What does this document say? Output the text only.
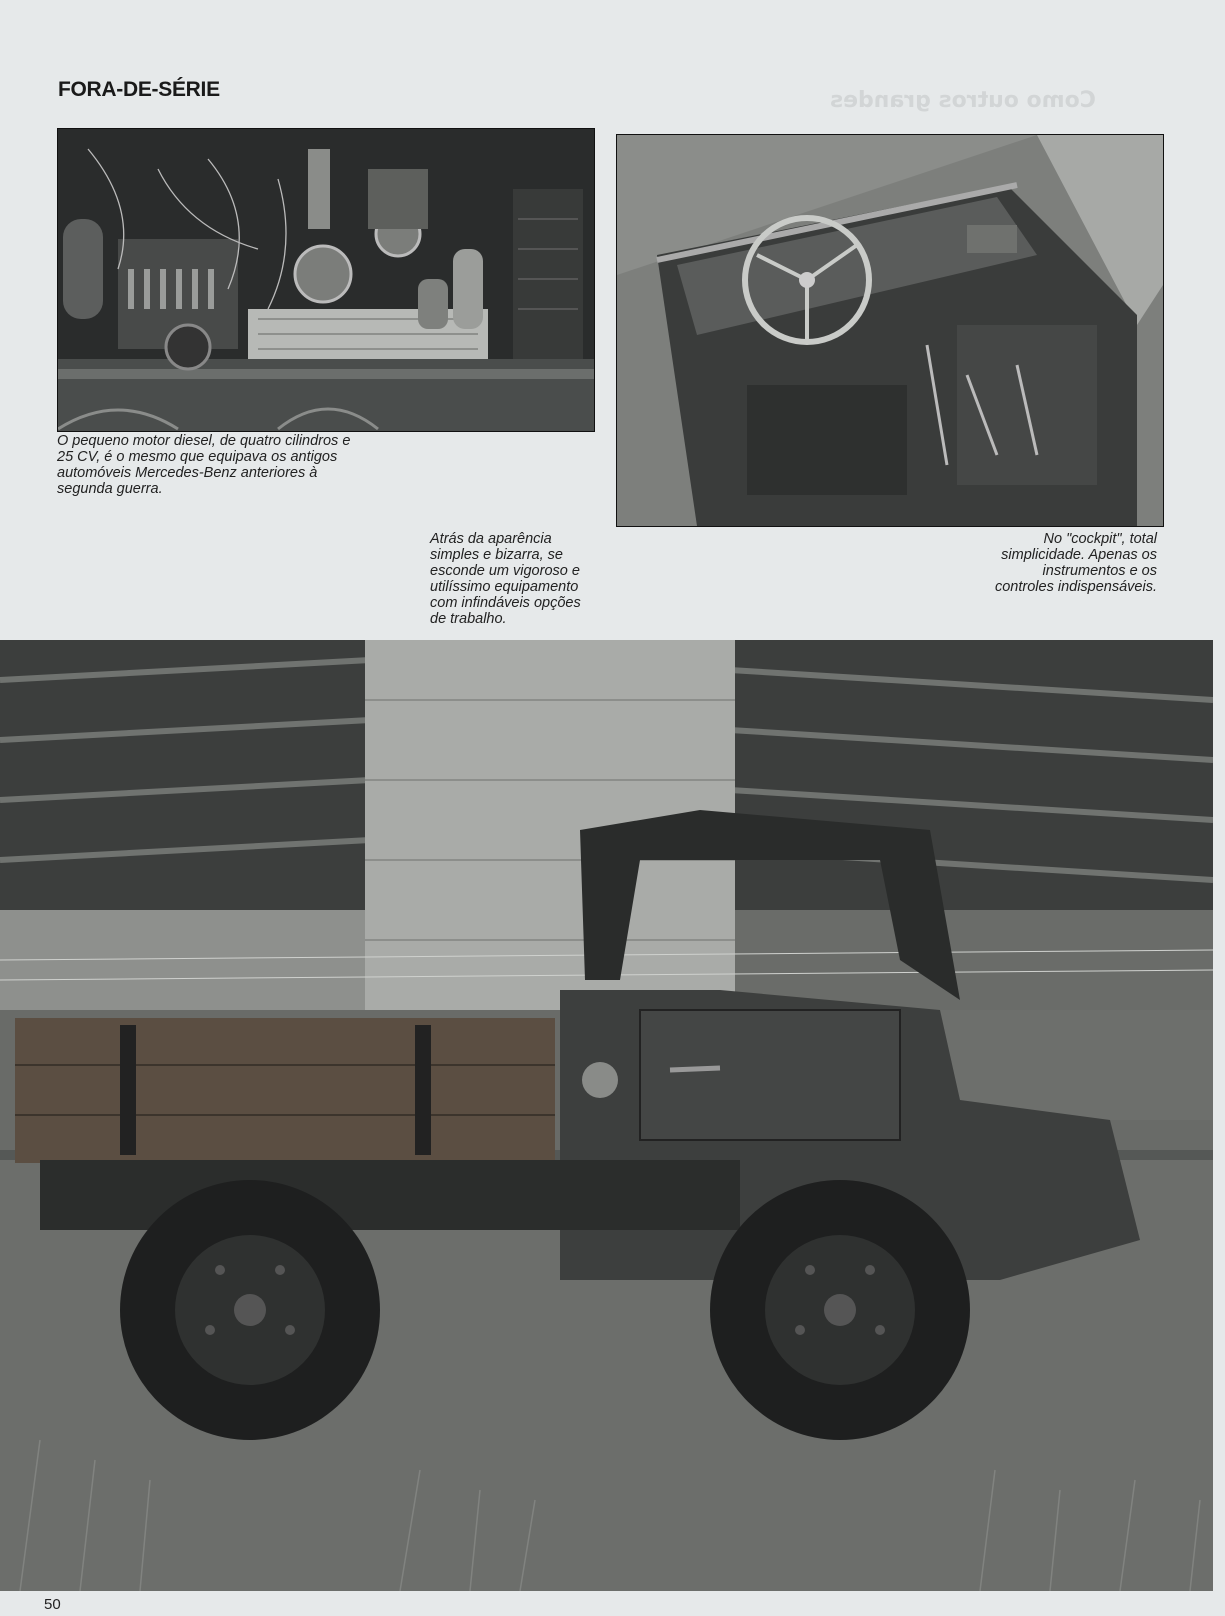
FORA-DE-SÉRIE	Como outros grandes
O pequeno motor diesel, de quatro cilindros e
25 CV, é o mesmo que equipava os antigos
automóveis Mercedes-Benz anteriores à
segunda guerra.
No "cockpit", total
simplicidade. Apenas os
instrumentos e os
controles indispensáveis.
Atrás da aparência
simples e bizarra, se
esconde um vigoroso e
utilíssimo equipamento
com infindáveis opções
de trabalho.
50
